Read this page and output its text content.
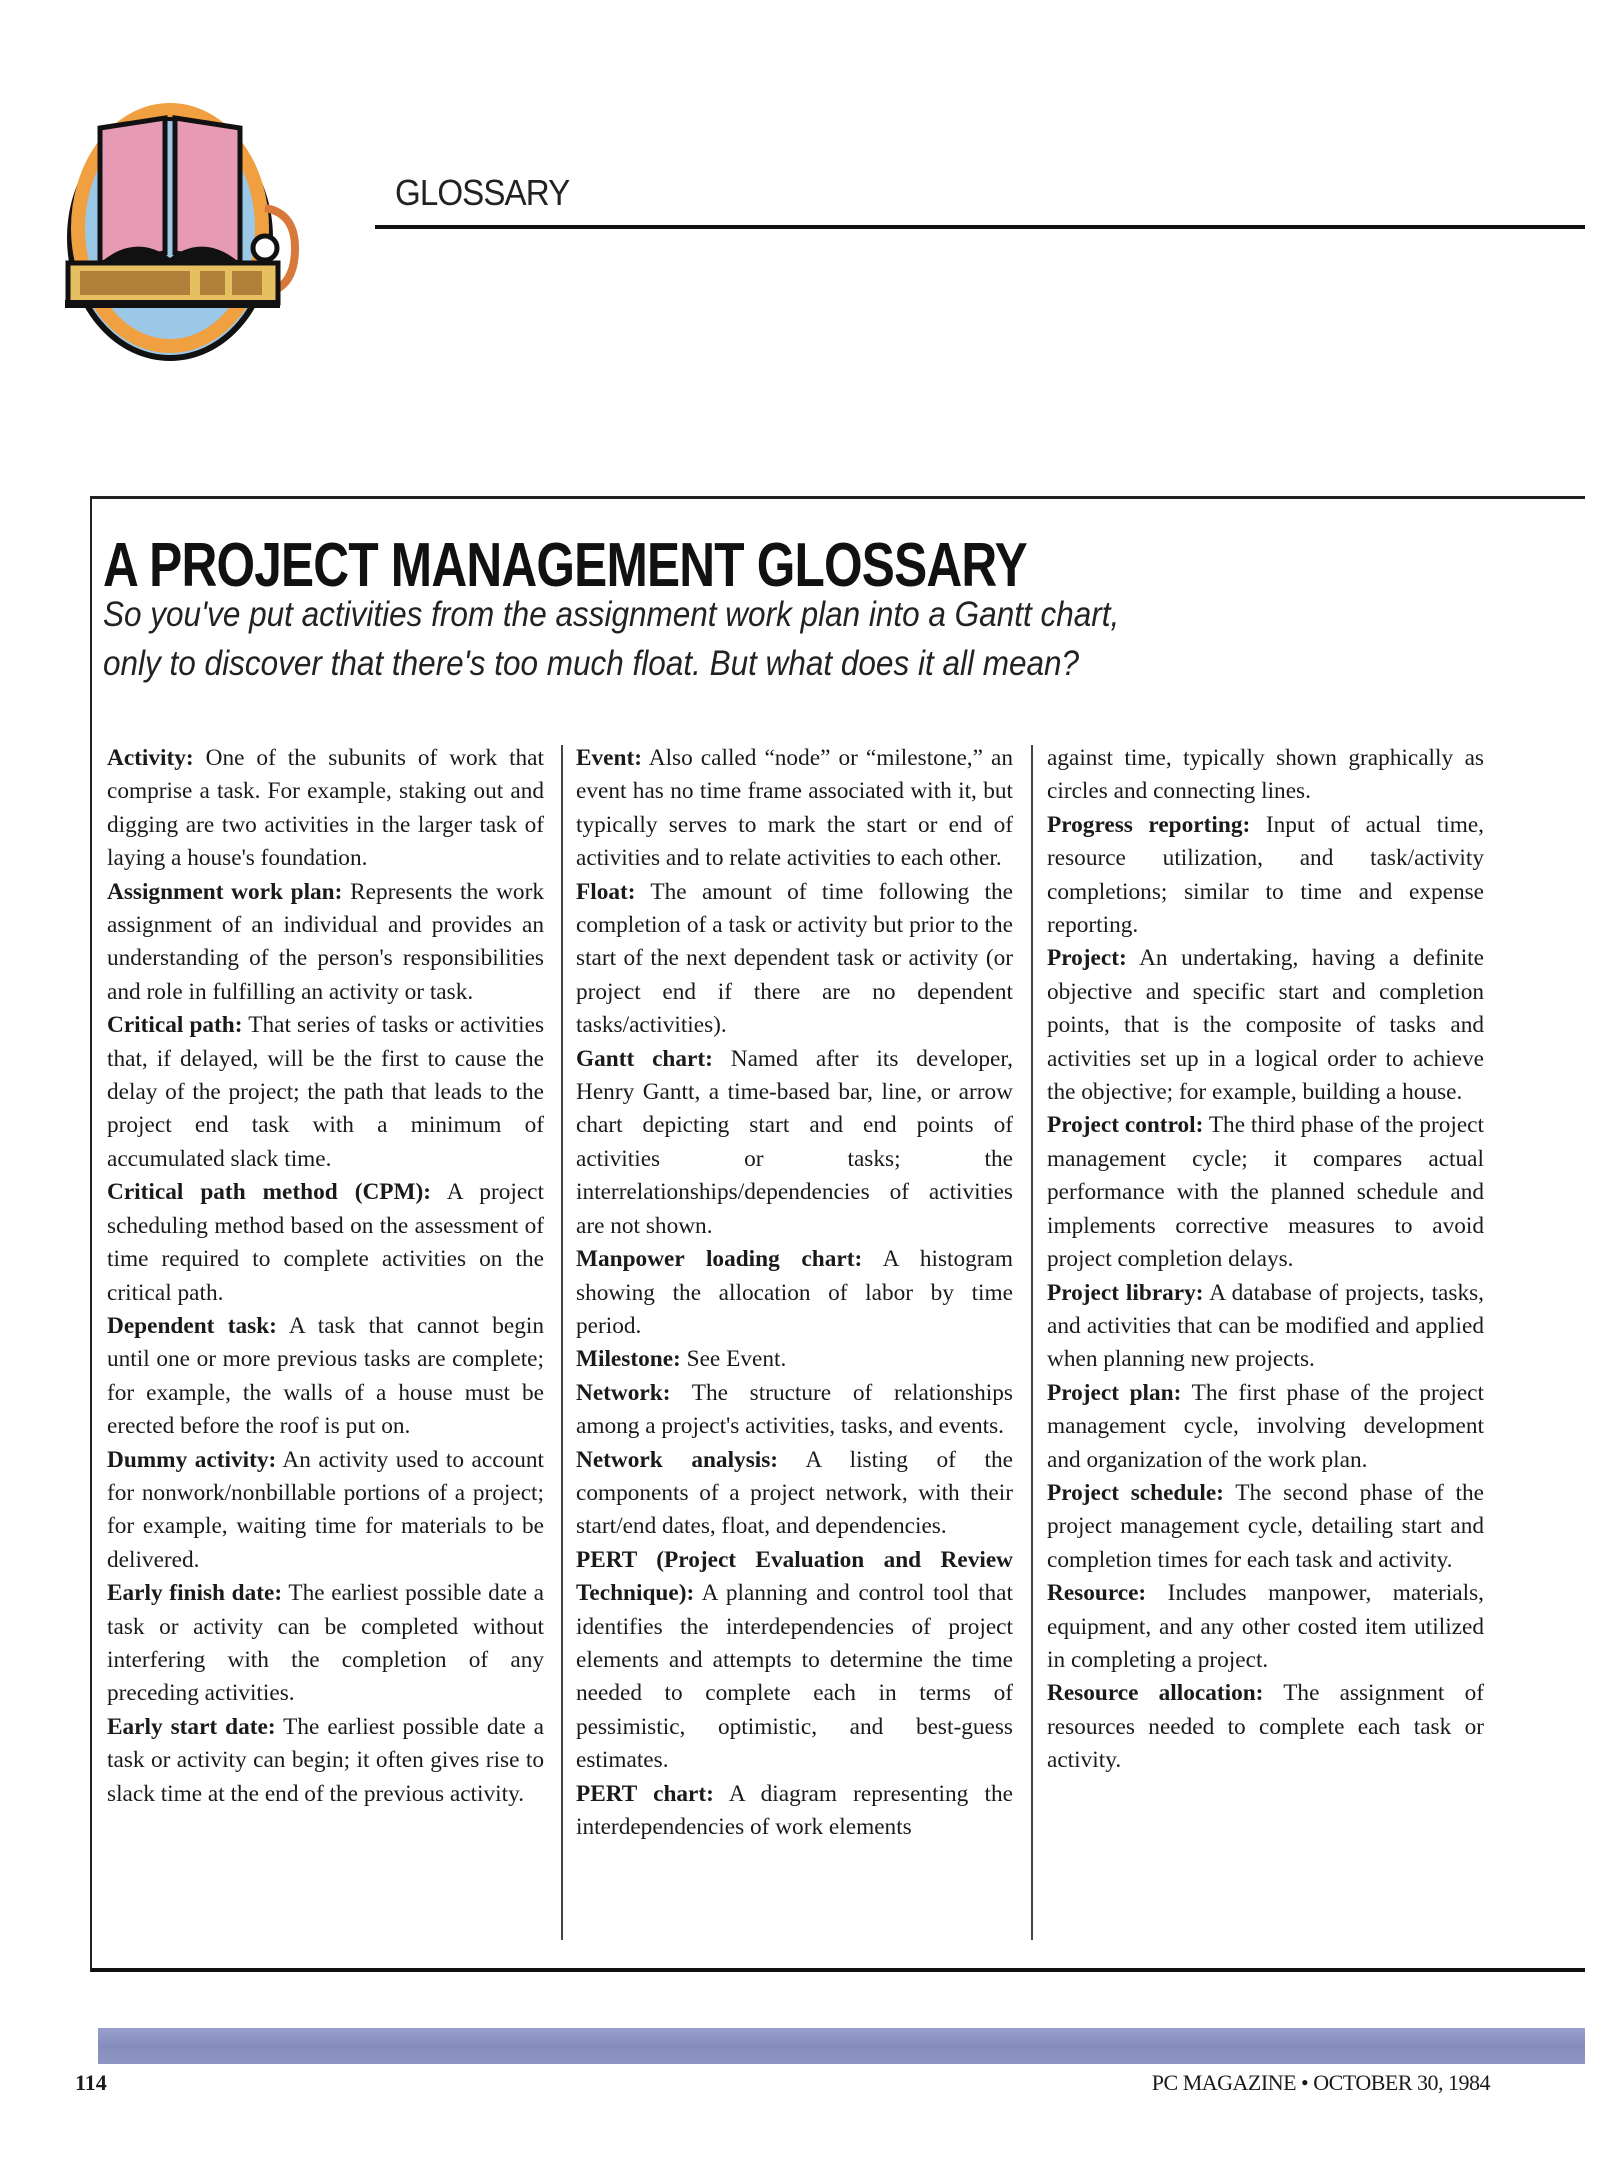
GLOSSARY
A PROJECT MANAGEMENT GLOSSARY
So you've put activities from the assignment work plan into a Gantt chart,
only to discover that there's too much float. But what does it all mean?

Activity: One of the subunits of work that comprise a task. For example, staking out and digging are two activities in the larger task of laying a house's foundation.

Assignment work plan: Represents the work assignment of an individual and provides an understanding of the person's responsibilities and role in fulfilling an activity or task.

Critical path: That series of tasks or activities that, if delayed, will be the first to cause the delay of the project; the path that leads to the project end task with a minimum of accumulated slack time.

Critical path method (CPM): A project scheduling method based on the assessment of time required to complete activities on the critical path.

Dependent task: A task that cannot begin until one or more previous tasks are complete; for example, the walls of a house must be erected before the roof is put on.

Dummy activity: An activity used to account for nonwork/nonbillable portions of a project; for example, waiting time for materials to be delivered.

Early finish date: The earliest possible date a task or activity can be completed without interfering with the completion of any preceding activities.

Early start date: The earliest possible date a task or activity can begin; it often gives rise to slack time at the end of the previous activity.

Event: Also called “node” or “milestone,” an event has no time frame associated with it, but typically serves to mark the start or end of activities and to relate activities to each other.

Float: The amount of time following the completion of a task or activity but prior to the start of the next dependent task or activity (or project end if there are no dependent tasks/activities).

Gantt chart: Named after its developer, Henry Gantt, a time-based bar, line, or arrow chart depicting start and end points of activities or tasks; the interrelationships/dependencies of activities are not shown.

Manpower loading chart: A histogram showing the allocation of labor by time period.

Milestone: See Event.

Network: The structure of relationships among a project's activities, tasks, and events.

Network analysis: A listing of the components of a project network, with their start/end dates, float, and dependencies.

PERT (Project Evaluation and Review Technique): A planning and control tool that identifies the interdependencies of project elements and attempts to determine the time needed to complete each in terms of pessimistic, optimistic, and best-guess estimates.

PERT chart: A diagram representing the interdependencies of work elements

against time, typically shown graphically as circles and connecting lines.

Progress reporting: Input of actual time, resource utilization, and task/activity completions; similar to time and expense reporting.

Project: An undertaking, having a definite objective and specific start and completion points, that is the composite of tasks and activities set up in a logical order to achieve the objective; for example, building a house.

Project control: The third phase of the project management cycle; it compares actual performance with the planned schedule and implements corrective measures to avoid project completion delays.

Project library: A database of projects, tasks, and activities that can be modified and applied when planning new projects.

Project plan: The first phase of the project management cycle, involving development and organization of the work plan.

Project schedule: The second phase of the project management cycle, detailing start and completion times for each task and activity.

Resource: Includes manpower, materials, equipment, and any other costed item utilized in completing a project.

Resource allocation: The assignment of resources needed to complete each task or activity.

114	PC MAGAZINE • OCTOBER 30, 1984
